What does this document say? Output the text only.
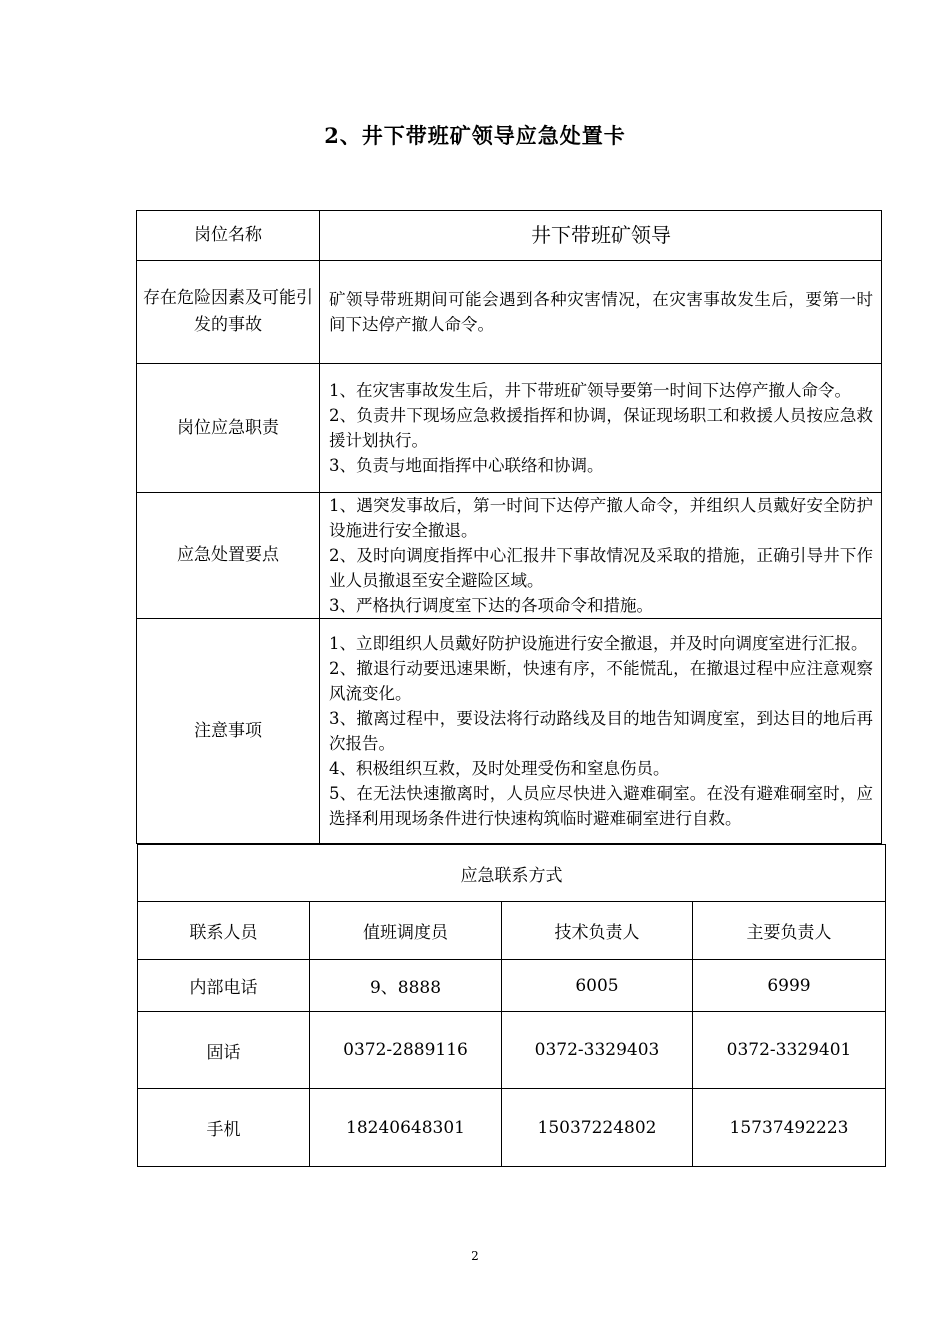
2、井下带班矿领导应急处置卡
岗位名称	井下带班矿领导
存在危险因素及可能引发的事故	矿领导带班期间可能会遇到各种灾害情况，在灾害事故发生后，要第一时间下达停产撤人命令。
岗位应急职责	1、在灾害事故发生后，井下带班矿领导要第一时间下达停产撤人命令。
2、负责井下现场应急救援指挥和协调，保证现场职工和救援人员按应急救援计划执行。
3、负责与地面指挥中心联络和协调。

应急处置要点	1、遇突发事故后，第一时间下达停产撤人命令，并组织人员戴好安全防护设施进行安全撤退。
2、及时向调度指挥中心汇报井下事故情况及采取的措施，正确引导井下作业人员撤退至安全避险区域。
3、严格执行调度室下达的各项命令和措施。

注意事项	1、立即组织人员戴好防护设施进行安全撤退，并及时向调度室进行汇报。
2、撤退行动要迅速果断，快速有序，不能慌乱，在撤退过程中应注意观察风流变化。
3、撤离过程中，要设法将行动路线及目的地告知调度室，到达目的地后再次报告。
4、积极组织互救，及时处理受伤和窒息伤员。
5、在无法快速撤离时，人员应尽快进入避难硐室。在没有避难硐室时，应选择利用现场条件进行快速构筑临时避难硐室进行自救。
应急联系方式			
联系人员	值班调度员	技术负责人	主要负责人
内部电话	9、8888	6005	6999
固话	0372-2889116	0372-3329403	0372-3329401
手机	18240648301	15037224802	15737492223
2
